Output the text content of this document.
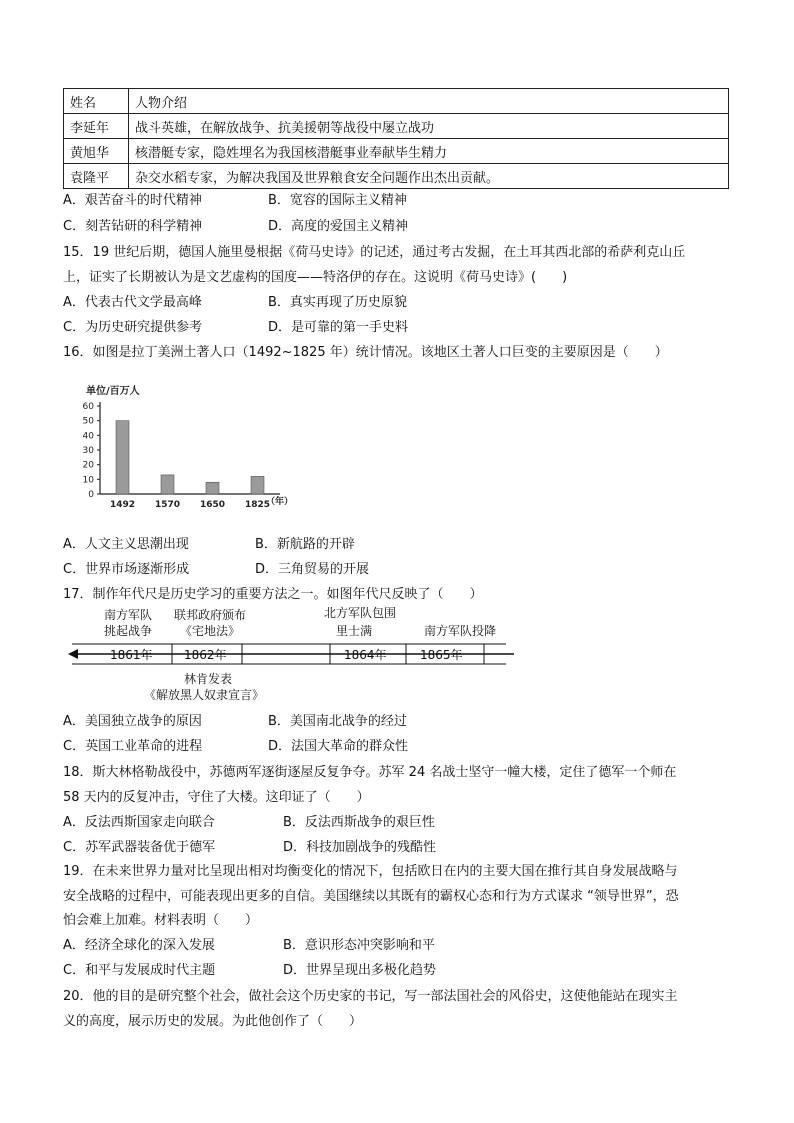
姓名	人物介绍
李延年	战斗英雄，在解放战争、抗美援朝等战役中屡立战功
黄旭华	核潜艇专家，隐姓埋名为我国核潜艇事业奉献毕生精力
袁隆平	杂交水稻专家，为解决我国及世界粮食安全问题作出杰出贡献。
A．艰苦奋斗的时代精神	B．宽容的国际主义精神
C．刻苦钻研的科学精神	D．高度的爱国主义精神
15．19 世纪后期，德国人施里曼根据《荷马史诗》的记述，通过考古发掘，在土耳其西北部的希萨利克山丘
上，证实了长期被认为是文艺虚构的国度——特洛伊的存在。这说明《荷马史诗》(　　)
A．代表古代文学最高峰	B．真实再现了历史原貌
C．为历史研究提供参考	D．是可靠的第一手史料
16．如图是拉丁美洲土著人口（1492~1825 年）统计情况。该地区土著人口巨变的主要原因是（　　）
单位/百万人
0
10
20
30
40
50
60
1492 1570 1650 1825
（年）
A．人文主义思潮出现	B．新航路的开辟
C．世界市场逐渐形成	D．三角贸易的开展
17．制作年代尺是历史学习的重要方法之一。如图年代尺反映了（　　）
南方军队
挑起战争
联邦政府颁布
《宅地法》
北方军队包围
里士满	南方军队投降
1861年	1862年	1864年	1865年
林肯发表
《解放黑人奴隶宣言》
A．美国独立战争的原因	B．美国南北战争的经过
C．英国工业革命的进程	D．法国大革命的群众性
18．斯大林格勒战役中，苏德两军逐街逐屋反复争夺。苏军 24 名战士坚守一幢大楼，定住了德军一个师在
58 天内的反复冲击，守住了大楼。这印证了（　　）
A．反法西斯国家走向联合	B．反法西斯战争的艰巨性
C．苏军武器装备优于德军	D．科技加剧战争的残酷性
19．在未来世界力量对比呈现出相对均衡变化的情况下，包括欧日在内的主要大国在推行其自身发展战略与
安全战略的过程中，可能表现出更多的自信。美国继续以其既有的霸权心态和行为方式谋求 “领导世界”，恐
怕会难上加难。材料表明（　　）
A．经济全球化的深入发展	B．意识形态冲突影响和平
C．和平与发展成时代主题	D．世界呈现出多极化趋势
20．他的目的是研究整个社会，做社会这个历史家的书记，写一部法国社会的风俗史，这使他能站在现实主
义的高度，展示历史的发展。为此他创作了（　　）
